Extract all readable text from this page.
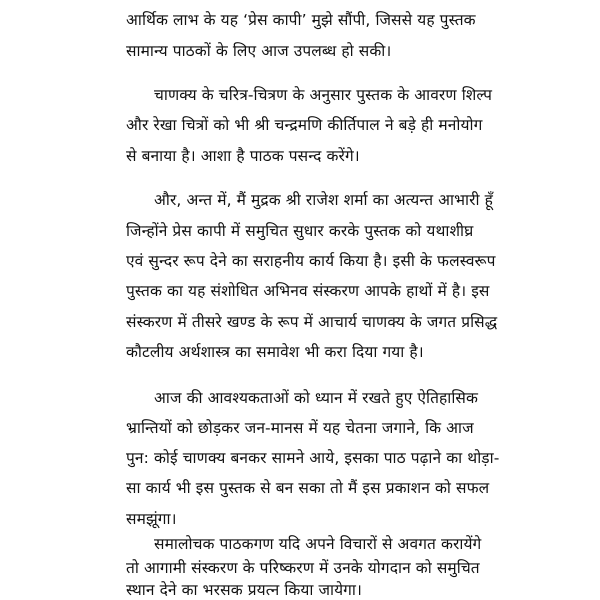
आर्थिक लाभ के यह ‘प्रेस कापी’ मुझे सौंपी, जिससे यह पुस्तक
सामान्य पाठकों के लिए आज उपलब्ध हो सकी।
चाणक्य के चरित्र-चित्रण के अनुसार पुस्तक के आवरण शिल्प
और रेखा चित्रों को भी श्री चन्द्रमणि कीर्तिपाल ने बड़े ही मनोयोग
से बनाया है। आशा है पाठक पसन्द करेंगे।
और, अन्त में, मैं मुद्रक श्री राजेश शर्मा का अत्यन्त आभारी हूँ
जिन्होंने प्रेस कापी में समुचित सुधार करके पुस्तक को यथाशीघ्र
एवं सुन्दर रूप देने का सराहनीय कार्य किया है। इसी के फलस्वरूप
पुस्तक का यह संशोधित अभिनव संस्करण आपके हाथों में है। इस
संस्करण में तीसरे खण्ड के रूप में आचार्य चाणक्य के जगत प्रसिद्ध
कौटलीय अर्थशास्त्र का समावेश भी करा दिया गया है।
आज की आवश्यकताओं को ध्यान में रखते हुए ऐतिहासिक
भ्रान्तियों को छोड़कर जन-मानस में यह चेतना जगाने, कि आज
पुन: कोई चाणक्य बनकर सामने आये, इसका पाठ पढ़ाने का थोड़ा-
सा कार्य भी इस पुस्तक से बन सका तो मैं इस प्रकाशन को सफल
समझूंगा।
समालोचक पाठकगण यदि अपने विचारों से अवगत करायेंगे
तो आगामी संस्करण के परिष्करण में उनके योगदान को समुचित
स्थान देने का भरसक प्रयत्न किया जायेगा।
